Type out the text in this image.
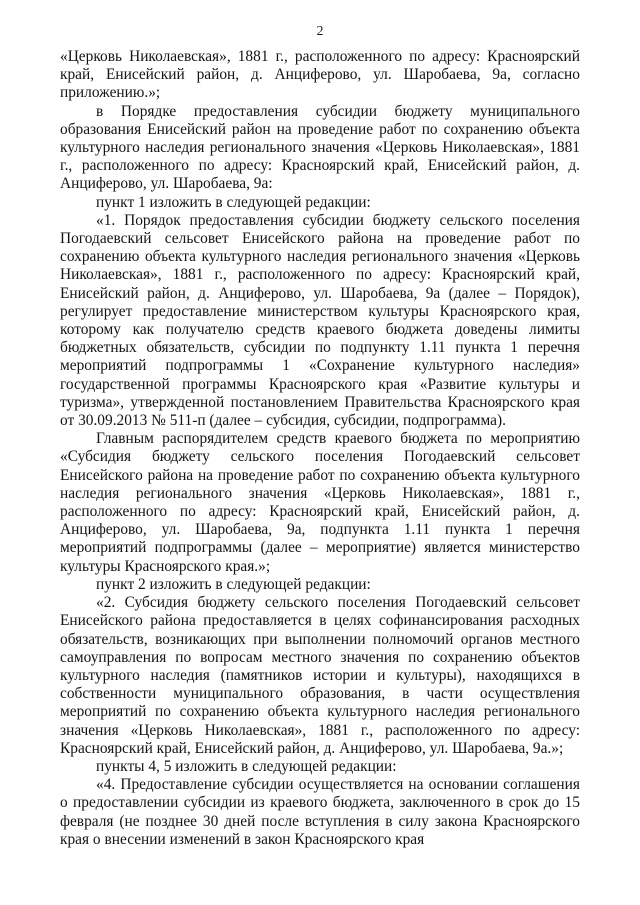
2

«Церковь Николаевская», 1881 г., расположенного по адресу: Красноярский край, Енисейский район, д. Анциферово, ул. Шаробаева, 9а, согласно приложению.»;

в Порядке предоставления субсидии бюджету муниципального образования Енисейский район на проведение работ по сохранению объекта культурного наследия регионального значения «Церковь Николаевская», 1881 г., расположенного по адресу: Красноярский край, Енисейский район, д. Анциферово, ул. Шаробаева, 9а:

пункт 1 изложить в следующей редакции:

«1. Порядок предоставления субсидии бюджету сельского поселения Погодаевский сельсовет Енисейского района на проведение работ по сохранению объекта культурного наследия регионального значения «Церковь Николаевская», 1881 г., расположенного по адресу: Красноярский край, Енисейский район, д. Анциферово, ул. Шаробаева, 9а (далее – Порядок), регулирует предоставление министерством культуры Красноярского края, которому как получателю средств краевого бюджета доведены лимиты бюджетных обязательств, субсидии по подпункту 1.11 пункта 1 перечня мероприятий подпрограммы 1 «Сохранение культурного наследия» государственной программы Красноярского края «Развитие культуры и туризма», утвержденной постановлением Правительства Красноярского края от 30.09.2013 № 511-п (далее – субсидия, субсидии, подпрограмма).

Главным распорядителем средств краевого бюджета по мероприятию «Субсидия бюджету сельского поселения Погодаевский сельсовет Енисейского района на проведение работ по сохранению объекта культурного наследия регионального значения «Церковь Николаевская», 1881 г., расположенного по адресу: Красноярский край, Енисейский район, д. Анциферово, ул. Шаробаева, 9а, подпункта 1.11 пункта 1 перечня мероприятий подпрограммы (далее – мероприятие) является министерство культуры Красноярского края.»;

пункт 2 изложить в следующей редакции:

«2. Субсидия бюджету сельского поселения Погодаевский сельсовет Енисейского района предоставляется в целях софинансирования расходных обязательств, возникающих при выполнении полномочий органов местного самоуправления по вопросам местного значения по сохранению объектов культурного наследия (памятников истории и культуры), находящихся в собственности муниципального образования, в части осуществления мероприятий по сохранению объекта культурного наследия регионального значения «Церковь Николаевская», 1881 г., расположенного по адресу: Красноярский край, Енисейский район, д. Анциферово, ул. Шаробаева, 9а.»;

пункты 4, 5 изложить в следующей редакции:

«4. Предоставление субсидии осуществляется на основании соглашения о предоставлении субсидии из краевого бюджета, заключенного в срок до 15 февраля (не позднее 30 дней после вступления в силу закона Красноярского края о внесении изменений в закон Красноярского края
